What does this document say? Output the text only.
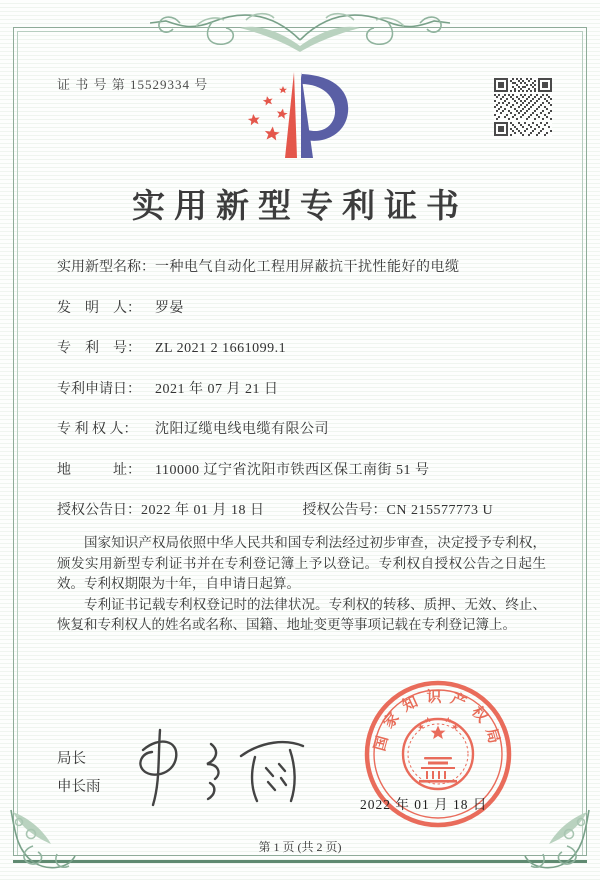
证 书 号 第 15529334 号
实用新型专利证书
实用新型名称：一种电气自动化工程用屏蔽抗干扰性能好的电缆
发　明　人： 罗晏
专　利　号： ZL 2021 2 1661099.1
专利申请日： 2021 年 07 月 21 日
专 利 权 人： 沈阳辽缆电线电缆有限公司
地　　　址： 110000 辽宁省沈阳市铁西区保工南街 51 号
授权公告日：2022 年 01 月 18 日	授权公告号：CN 215577773 U

国家知识产权局依照中华人民共和国专利法经过初步审查，决定授予专利权，颁发实用新型专利证书并在专利登记簿上予以登记。专利权自授权公告之日起生效。专利权期限为十年，自申请日起算。

专利证书记载专利权登记时的法律状况。专利权的转移、质押、无效、终止、恢复和专利权人的姓名或名称、国籍、地址变更等事项记载在专利登记簿上。

局长
申长雨
国家知识产权局
2022 年 01 月 18 日
第 1 页 (共 2 页)
